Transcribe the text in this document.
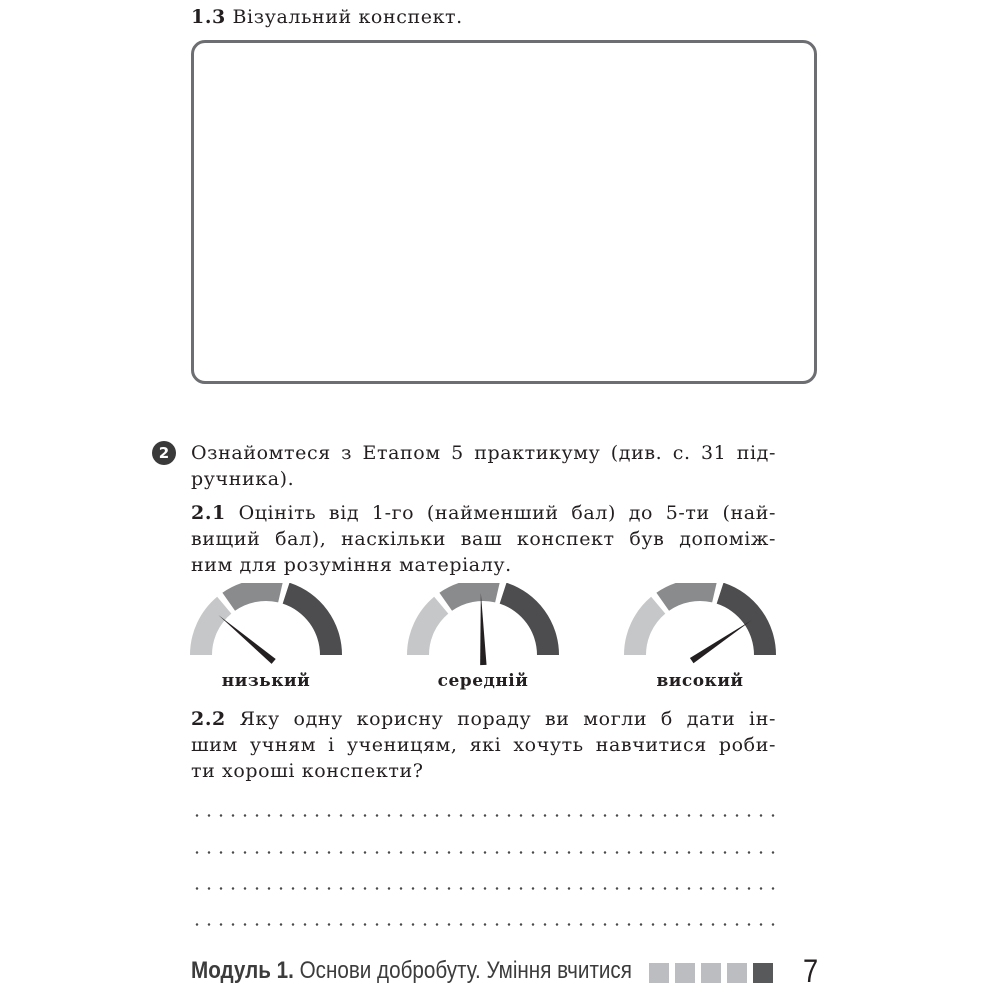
1.3 Візуальний конспект.
2	Ознайомтеся з Етапом 5 практикуму (див. с. 31 під-
ручника).
2.1 Оцініть від 1-го (найменший бал) до 5-ти (най-
вищий бал), наскільки ваш конспект був допоміж-
ним для розуміння матеріалу.
низький	середній	високий
2.2 Яку одну корисну пораду ви могли б дати ін-
шим учням і ученицям, які хочуть навчитися роби-
ти хороші конспекти?
Модуль 1. Основи добробуту. Уміння вчитися	7
